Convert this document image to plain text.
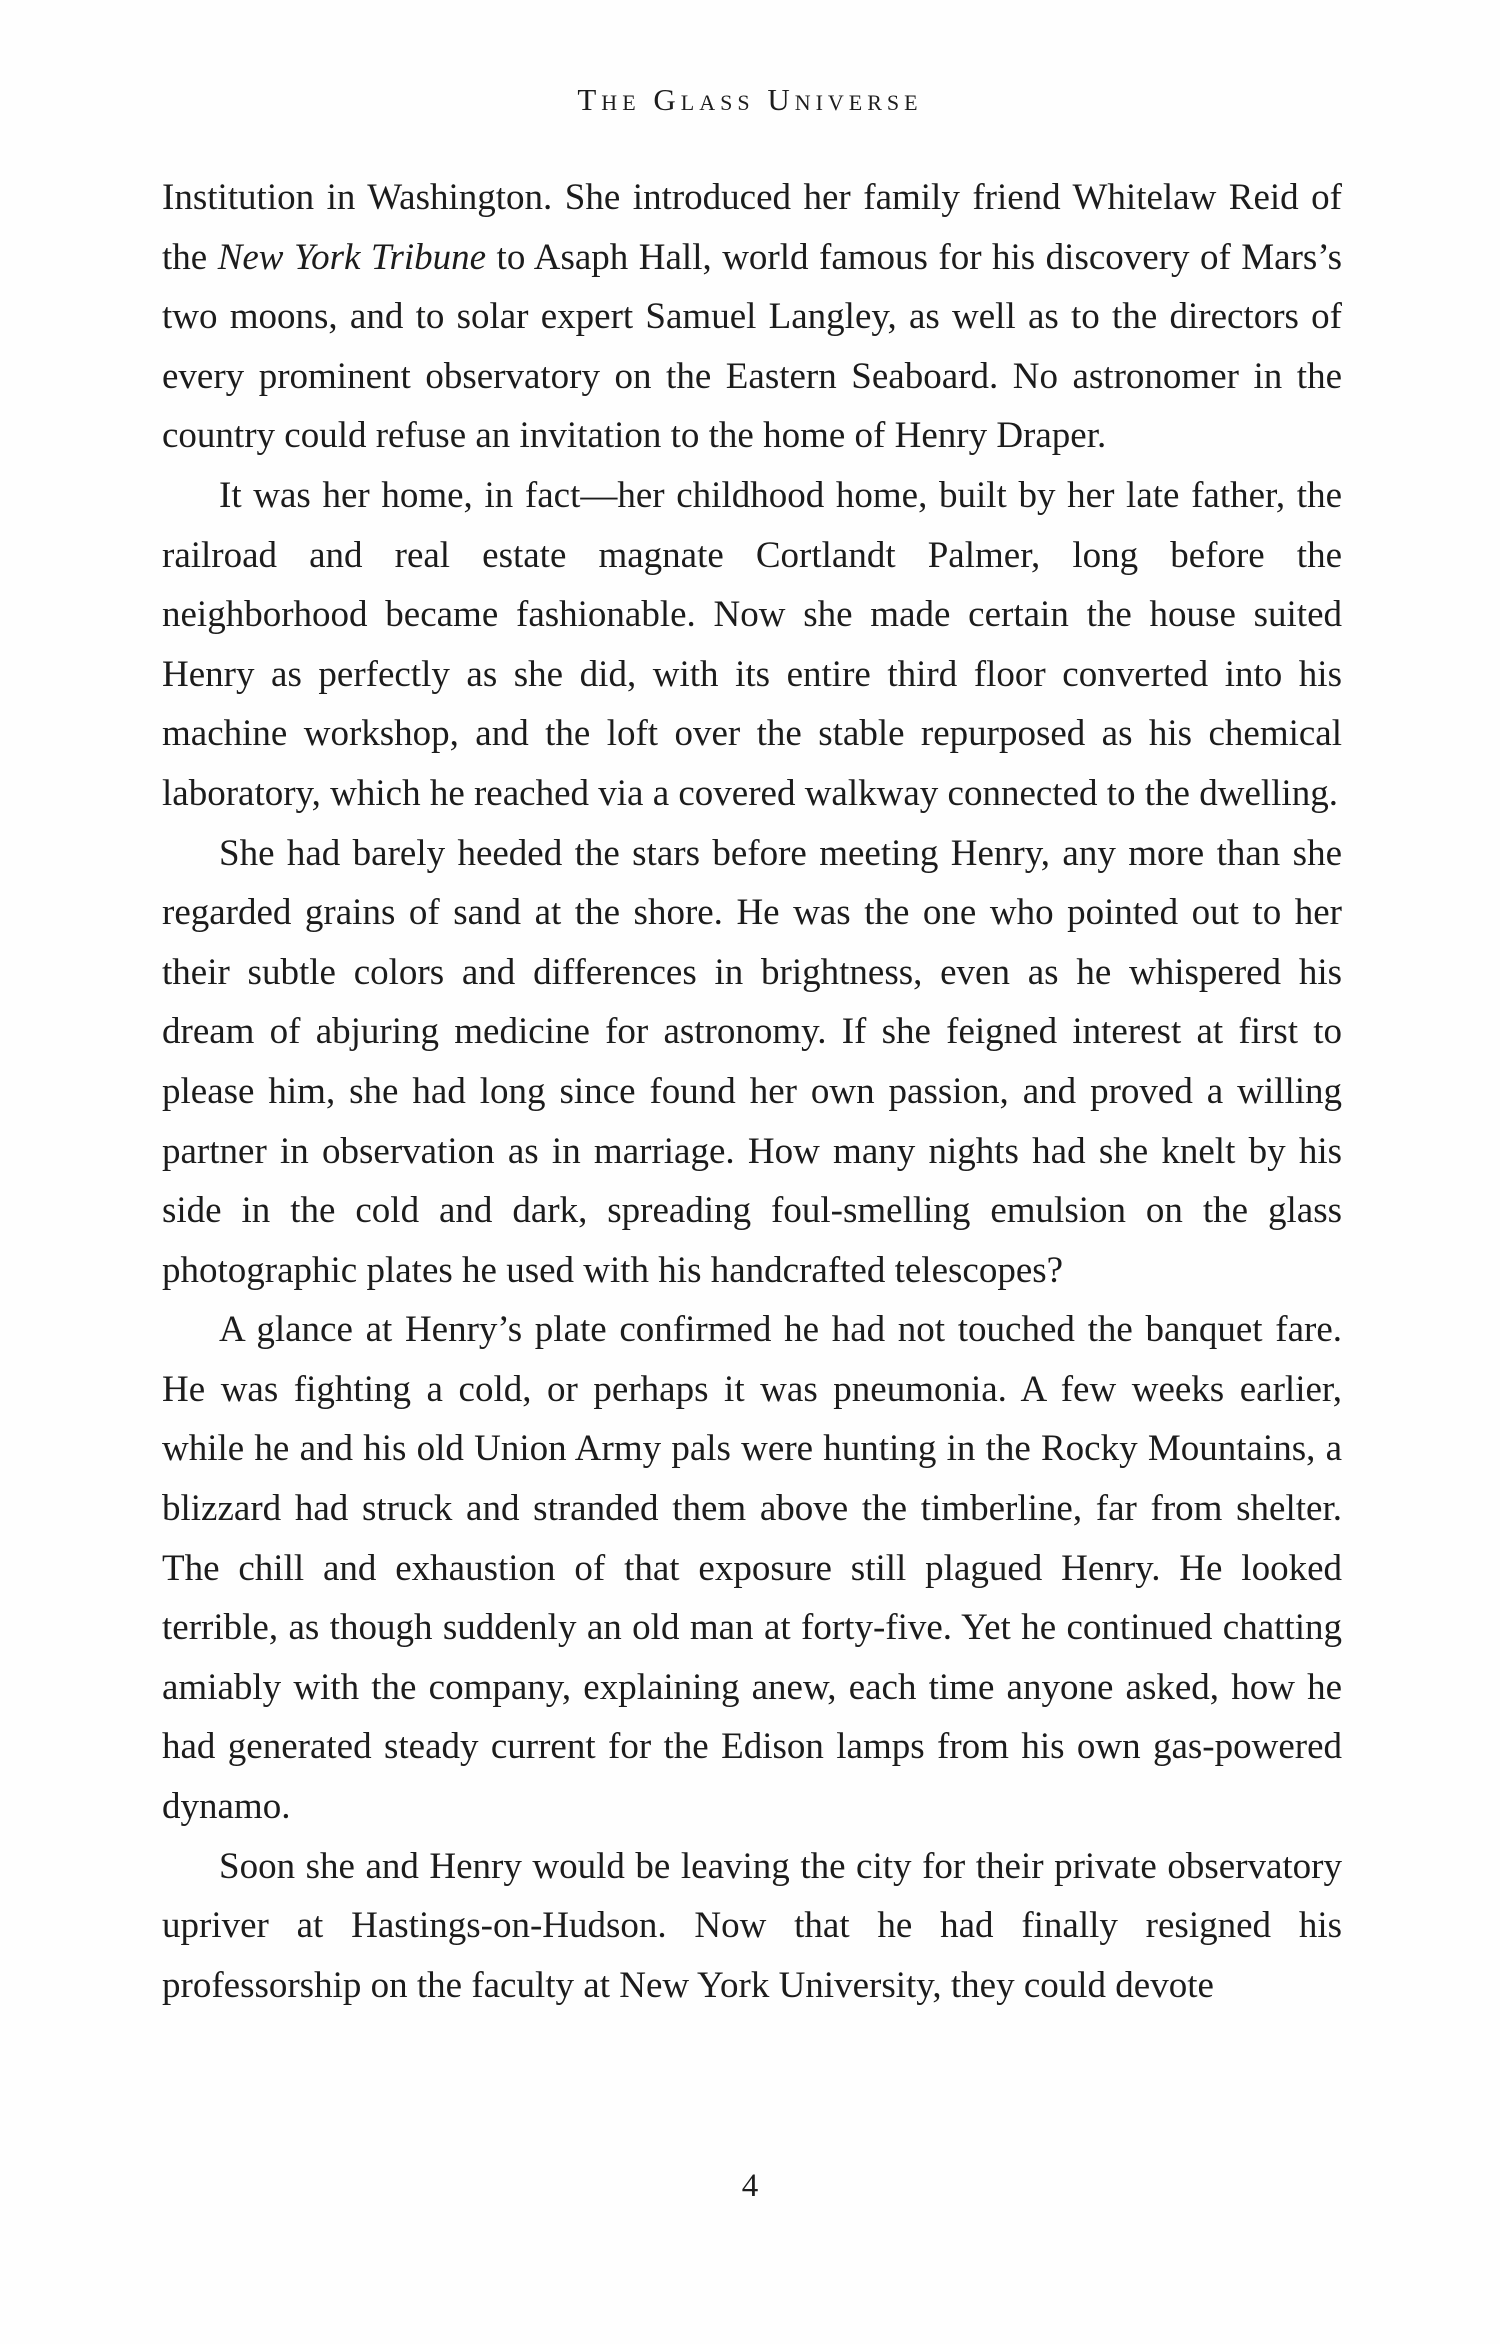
The Glass Universe

Institution in Washington. She introduced her family friend Whitelaw Reid of the New York Tribune to Asaph Hall, world famous for his discovery of Mars’s two moons, and to solar expert Samuel Langley, as well as to the directors of every prominent observatory on the Eastern Seaboard. No astronomer in the country could refuse an invitation to the home of Henry Draper.

It was her home, in fact—her childhood home, built by her late father, the railroad and real estate magnate Cortlandt Palmer, long before the neighborhood became fashionable. Now she made certain the house suited Henry as perfectly as she did, with its entire third floor converted into his machine workshop, and the loft over the stable repurposed as his chemical laboratory, which he reached via a covered walkway connected to the dwelling.

She had barely heeded the stars before meeting Henry, any more than she regarded grains of sand at the shore. He was the one who pointed out to her their subtle colors and differences in brightness, even as he whispered his dream of abjuring medicine for astronomy. If she feigned interest at first to please him, she had long since found her own passion, and proved a willing partner in observation as in marriage. How many nights had she knelt by his side in the cold and dark, spreading foul-smelling emulsion on the glass photographic plates he used with his handcrafted telescopes?

A glance at Henry’s plate confirmed he had not touched the banquet fare. He was fighting a cold, or perhaps it was pneumonia. A few weeks earlier, while he and his old Union Army pals were hunting in the Rocky Mountains, a blizzard had struck and stranded them above the timberline, far from shelter. The chill and exhaustion of that exposure still plagued Henry. He looked terrible, as though suddenly an old man at forty-five. Yet he continued chatting amiably with the company, explaining anew, each time anyone asked, how he had generated steady current for the Edison lamps from his own gas-powered dynamo.

Soon she and Henry would be leaving the city for their private observatory upriver at Hastings-on-Hudson. Now that he had finally resigned his professorship on the faculty at New York University, they could devote

4
